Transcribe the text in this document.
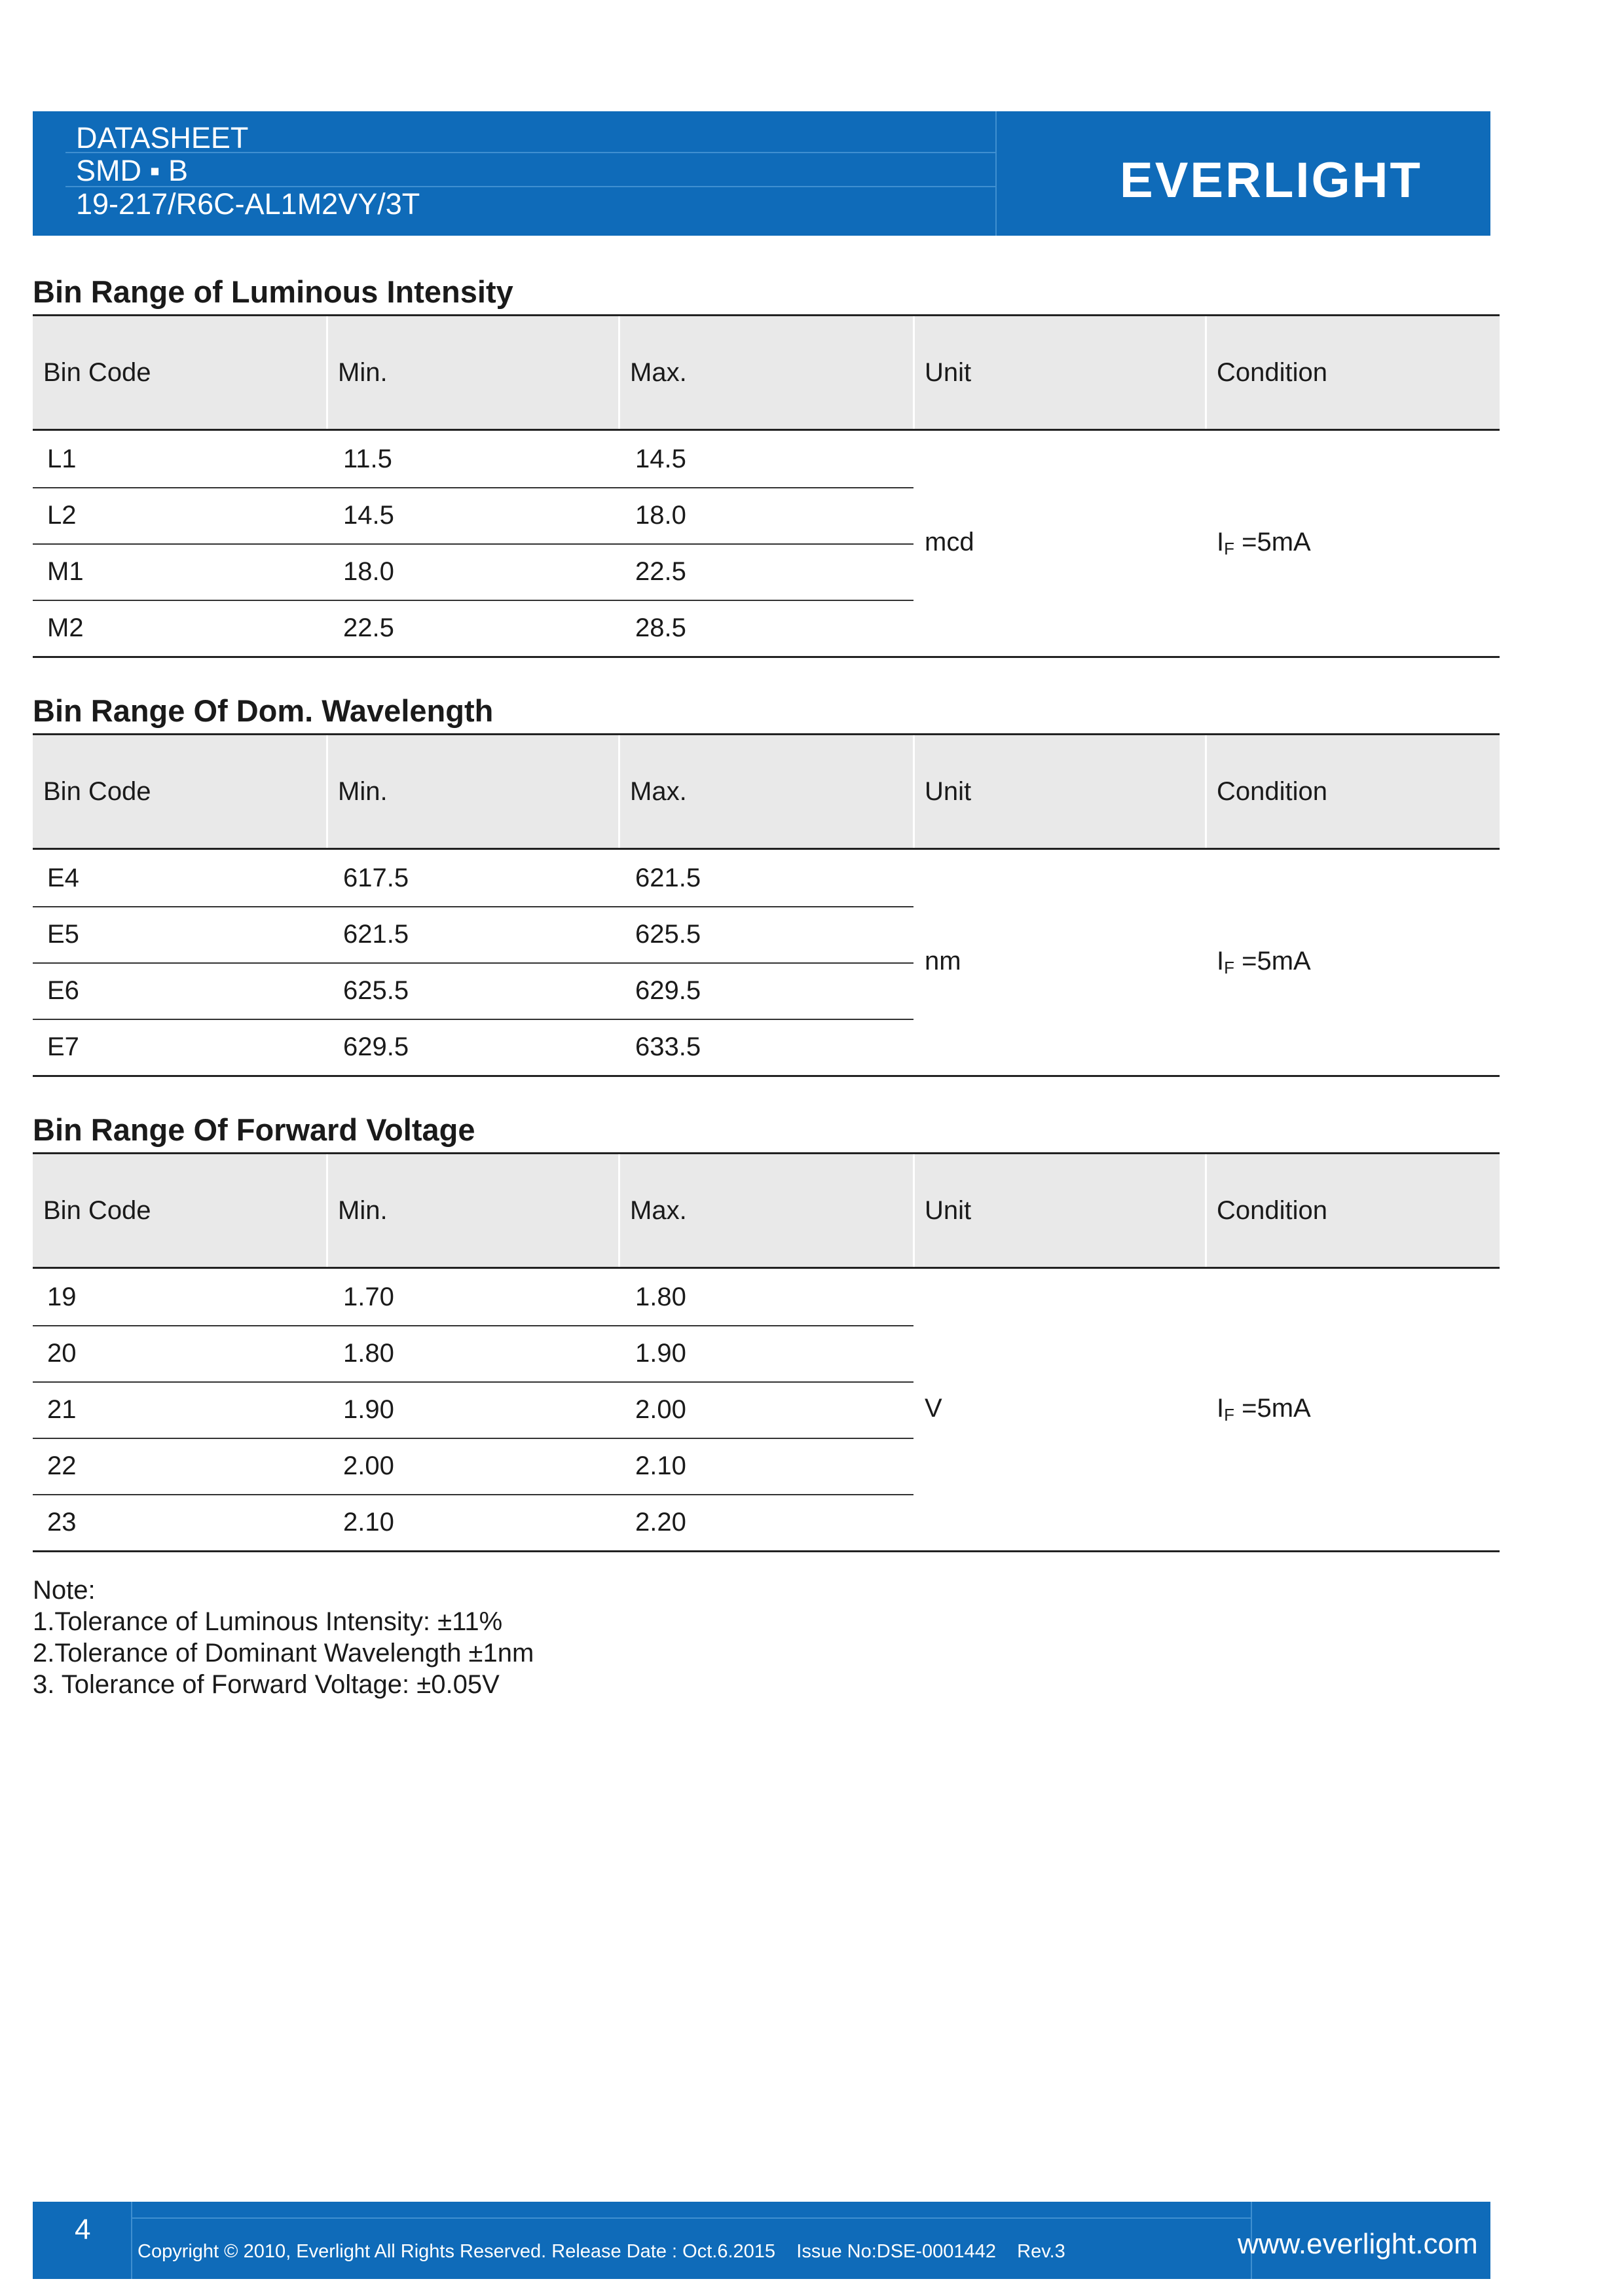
DATASHEET
SMD ▪ B
19-217/R6C-AL1M2VY/3T	EVERLIGHT
Bin Range of Luminous Intensity
Bin Range Of Dom. Wavelength
Bin Range Of Forward Voltage
Bin Code	Min.	Max.	Unit	Condition
L1	11.5	14.5
L2	14.5	18.0
M1	18.0	22.5
M2	22.5	28.5
mcd	$I_F =5mA$
Bin Code	Min.	Max.	Unit	Condition
E4	617.5	621.5
E5	621.5	625.5
E6	625.5	629.5
E7	629.5	633.5
nm	$I_F =5mA$
Bin Code	Min.	Max.	Unit	Condition
19	1.70	1.80
20	1.80	1.90
21	1.90	2.00
22	2.00	2.10
23	2.10	2.20
V	$I_F =5mA$
Note:
1.Tolerance of Luminous Intensity: ±11%
2.Tolerance of Dominant Wavelength ±1nm
3. Tolerance of Forward Voltage: ±0.05V
4
Copyright © 2010, Everlight All Rights Reserved. Release Date : Oct.6.2015    Issue No:DSE-0001442    Rev.3	www.everlight.com
